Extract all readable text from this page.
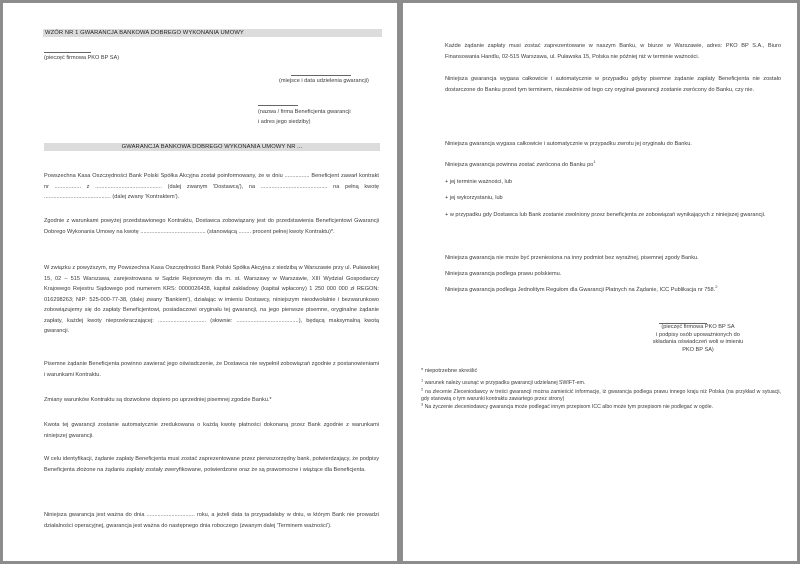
WZÓR NR 1 GWARANCJA BANKOWA DOBREGO WYKONANIA UMOWY
(pieczęć firmowa PKO BP SA)
(miejsce i data udzielenia gwarancji)
(nazwa / firma Beneficjenta gwarancji
i adres jego siedziby)
GWARANCJA BANKOWA DOBREGO WYKONANIA UMOWY NR ...
Powszechna Kasa Oszczędności Bank Polski Spółka Akcyjna został poinformowany, że w dniu ................ Beneficjent zawarł kontrakt nr ................. z ........................................... (dalej zwanym 'Dostawcą'), na ........................................... na pełną kwotę ........................................... (dalej zwany 'Kontraktem').
Zgodnie z warunkami powyżej przedstawionego Kontraktu, Dostawca zobowiązany jest do przedstawienia Beneficjentowi Gwarancji Dobrego Wykonania Umowy na kwotę .......................................... (stanowiącą ........ procent pełnej kwoty Kontraktu)*.
W związku z powyższym, my Powszechna Kasa Oszczędności Bank Polski Spółka Akcyjna z siedzibą w Warszawie przy ul. Puławskiej 15, 02 – 515 Warszawa, zarejestrowana w Sądzie Rejonowym dla m. st. Warszawy w Warszawie, XIII Wydział Gospodarczy Krajowego Rejestru Sądowego pod numerem KRS: 0000026438, kapitał zakładowy (kapitał wpłacony) 1 250 000 000 zł REGON: 016298263; NIP: 525-000-77-38, (dalej zwany 'Bankiem'), działając w imieniu Dostawcy, niniejszym nieodwołalnie i bezwarunkowo zobowiązujemy się do zapłaty Beneficjentowi, posiadaczowi oryginału tej gwarancji, na jego pierwsze pisemne, oryginalne żądanie zapłaty, każdej kwoty nieprzekraczającej: ............................... (słownie: ........................................), będącą maksymalną kwotą gwarancji.
Pisemne żądanie Beneficjenta powinno zawierać jego oświadczenie, że Dostawca nie wypełnił zobowiązań zgodnie z postanowieniami i warunkami Kontraktu.
Zmiany warunków Kontraktu są dozwolone dopiero po uprzedniej pisemnej zgodzie Banku.*
Kwota tej gwarancji zostanie automatycznie zredukowana o każdą kwotę płatności dokonaną przez Bank zgodnie z warunkami niniejszej gwarancji.
W celu identyfikacji, żądanie zapłaty Beneficjenta musi zostać zaprezentowane przez pierwszorzędny bank, potwierdzający, że podpisy Beneficjenta złożone na żądaniu zapłaty zostały zweryfikowane, potwierdzone oraz że są prawomocne i wiążące dla Beneficjenta.
Niniejsza gwarancja jest ważna do dnia ............................... roku, a jeżeli data ta przypadałaby w dniu, w którym Bank nie prowadzi działalności operacyjnej, gwarancja jest ważna do następnego dnia roboczego (zwanym dalej 'Terminem ważności').
Każde żądanie zapłaty musi zostać zaprezentowane w naszym Banku, w biurze w Warszawie, adres: PKO BP S.A., Biuro Finansowania Handlu, 02-515 Warszawa, ul. Puławska 15, Polska nie później niż w terminie ważności.
Niniejsza gwarancja wygasa całkowicie i automatycznie w przypadku gdyby pisemne żądanie zapłaty Beneficjenta nie zostało dostarczone do Banku przed tym terminem, niezależnie od tego czy oryginał gwarancji zostanie zwrócony do Banku, czy nie.
Niniejsza gwarancja wygasa całkowicie i automatycznie w przypadku zwrotu jej oryginału do Banku.
Niniejsza gwarancja powinna zostać zwrócona do Banku $po^1$
+ jej terminie ważności, lub
+ jej wykorzystaniu, lub
+ w przypadku gdy Dostawca lub Bank zostanie zwolniony przez beneficjenta ze zobowiązań wynikających z niniejszej gwarancji.
Niniejsza gwarancja nie może być przeniesiona na inny podmiot bez wyraźnej, pisemnej zgody Banku.
Niniejsza gwarancja podlega prawu polskiemu.
Niniejsza gwarancja podlega Jednolitym Regułom dla Gwarancji Płatnych na Żądanie, ICC Publikacja nr 758.$^2$
(pieczęć firmowa PKO BP SA
i podpisy osób upoważnionych do
składania oświadczeń woli w imieniu
PKO BP SA)
* niepotrzebne skreślić
$^1$ warunek należy usunąć w przypadku gwarancji udzielanej SWIFT-em.
$^2$ na zlecenie Zleceniodawcy w treści gwarancji można zamieścić informację, iż gwarancja podlega prawu innego kraju niż Polska (na przykład w sytuacji, gdy stanowią o tym warunki kontraktu zawartego przez strony)
$^3$ Na życzenie zleceniodawcy gwarancja może podlegać innym przepisom ICC albo może tym przepisom nie podlegać w ogóle.
